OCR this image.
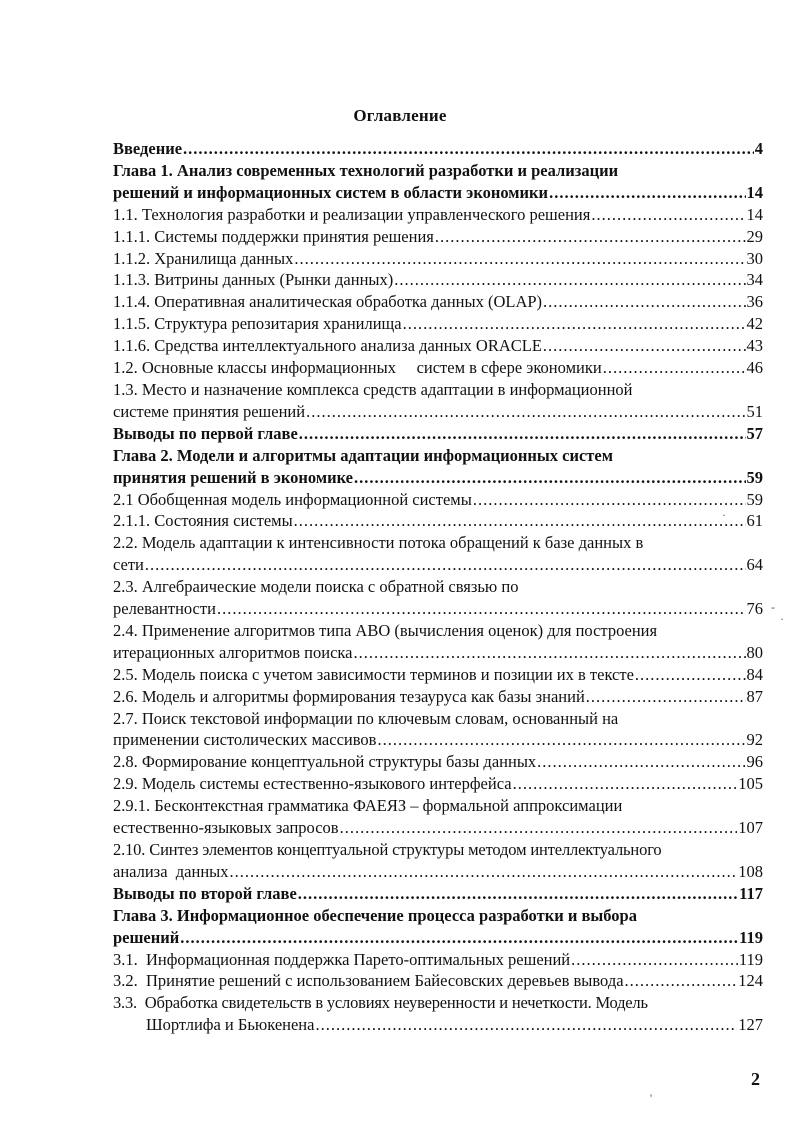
Оглавление
Введение .....	4
Глава 1. Анализ современных технологий разработки и реализации
решений и информационных систем в области экономики .....	14
1.1. Технология разработки и реализации управленческого решения .....	14
1.1.1. Системы поддержки принятия решения .....	29
1.1.2. Хранилища данных .....	30
1.1.3. Витрины данных (Рынки данных) .....	34
1.1.4. Оперативная аналитическая обработка данных (OLAP) .....	36
1.1.5. Структура репозитария хранилища .....	42
1.1.6. Средства интеллектуального анализа данных ORACLE .....	43
1.2. Основные классы информационных     систем в сфере экономики .....	46
1.3. Место и назначение комплекса средств адаптации в информационной
системе принятия решений .....	51
Выводы по первой главе .....	57
Глава 2. Модели и алгоритмы адаптации информационных систем
принятия решений в экономике .....	59
2.1 Обобщенная модель информационной системы .....	59
2.1.1. Состояния системы .....	61
2.2. Модель адаптации к интенсивности потока обращений к базе данных в
сети .....	64
2.3. Алгебраические модели поиска с обратной связью по
релевантности .....	76
2.4. Применение алгоритмов типа АВО (вычисления оценок) для построения
итерационных алгоритмов поиска .....	80
2.5. Модель поиска с учетом зависимости терминов и позиции их в тексте .....	84
2.6. Модель и алгоритмы формирования тезауруса как базы знаний .....	87
2.7. Поиск текстовой информации по ключевым словам, основанный на
применении систолических массивов .....	92
2.8. Формирование концептуальной структуры базы данных .....	96
2.9. Модель системы естественно-языкового интерфейса .....	105
2.9.1. Бесконтекстная грамматика ФАЕЯЗ – формальной аппроксимации
естественно-языковых запросов .....	107
2.10. Синтез элементов концептуальной структуры методом интеллектуального
анализа  данных .....	108
Выводы по второй главе .....	117
Глава 3. Информационное обеспечение процесса разработки и выбора
решений .....	119
3.1.  Информационная поддержка Парето-оптимальных решений .....	119
3.2.  Принятие решений с использованием Байесовских деревьев вывода .....	124
3.3.  Обработка свидетельств в условиях неуверенности и нечеткости. Модель
Шортлифа и Бьюкенена .....	127
·
-
'
·
2
